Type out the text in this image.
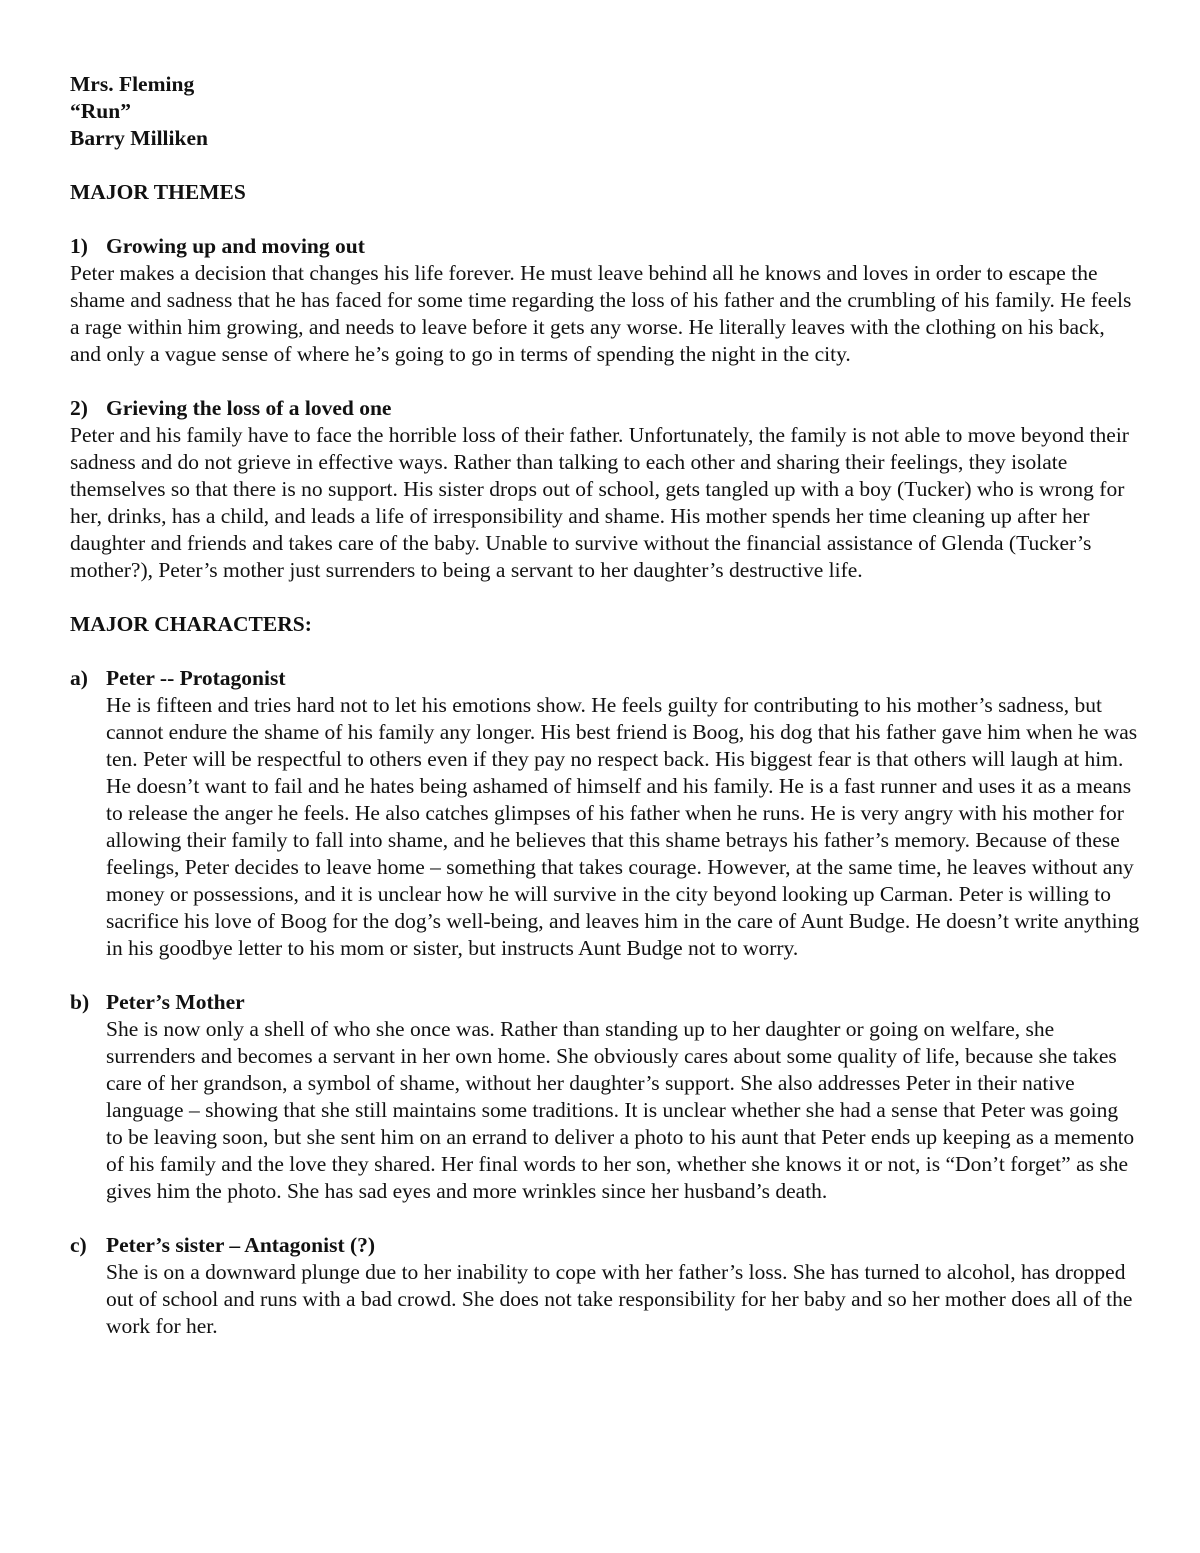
Mrs. Fleming

“Run”

Barry Milliken

MAJOR THEMES

1) Growing up and moving out

Peter makes a decision that changes his life forever. He must leave behind all he knows and loves in order to escape the shame and sadness that he has faced for some time regarding the loss of his father and the crumbling of his family. He feels a rage within him growing, and needs to leave before it gets any worse. He literally leaves with the clothing on his back, and only a vague sense of where he’s going to go in terms of spending the night in the city.

2) Grieving the loss of a loved one

Peter and his family have to face the horrible loss of their father. Unfortunately, the family is not able to move beyond their sadness and do not grieve in effective ways. Rather than talking to each other and sharing their feelings, they isolate themselves so that there is no support. His sister drops out of school, gets tangled up with a boy (Tucker) who is wrong for her, drinks, has a child, and leads a life of irresponsibility and shame. His mother spends her time cleaning up after her daughter and friends and takes care of the baby. Unable to survive without the financial assistance of Glenda (Tucker’s mother?), Peter’s mother just surrenders to being a servant to her daughter’s destructive life.

MAJOR CHARACTERS:

a) Peter -- Protagonist

He is fifteen and tries hard not to let his emotions show. He feels guilty for contributing to his mother’s sadness, but cannot endure the shame of his family any longer. His best friend is Boog, his dog that his father gave him when he was ten. Peter will be respectful to others even if they pay no respect back. His biggest fear is that others will laugh at him. He doesn’t want to fail and he hates being ashamed of himself and his family. He is a fast runner and uses it as a means to release the anger he feels. He also catches glimpses of his father when he runs. He is very angry with his mother for allowing their family to fall into shame, and he believes that this shame betrays his father’s memory. Because of these feelings, Peter decides to leave home – something that takes courage. However, at the same time, he leaves without any money or possessions, and it is unclear how he will survive in the city beyond looking up Carman. Peter is willing to sacrifice his love of Boog for the dog’s well-being, and leaves him in the care of Aunt Budge. He doesn’t write anything in his goodbye letter to his mom or sister, but instructs Aunt Budge not to worry.

b) Peter’s Mother

She is now only a shell of who she once was. Rather than standing up to her daughter or going on welfare, she surrenders and becomes a servant in her own home. She obviously cares about some quality of life, because she takes care of her grandson, a symbol of shame, without her daughter’s support. She also addresses Peter in their native language – showing that she still maintains some traditions. It is unclear whether she had a sense that Peter was going to be leaving soon, but she sent him on an errand to deliver a photo to his aunt that Peter ends up keeping as a memento of his family and the love they shared. Her final words to her son, whether she knows it or not, is “Don’t forget” as she gives him the photo. She has sad eyes and more wrinkles since her husband’s death.

c) Peter’s sister – Antagonist (?)

She is on a downward plunge due to her inability to cope with her father’s loss. She has turned to alcohol, has dropped out of school and runs with a bad crowd. She does not take responsibility for her baby and so her mother does all of the work for her.
